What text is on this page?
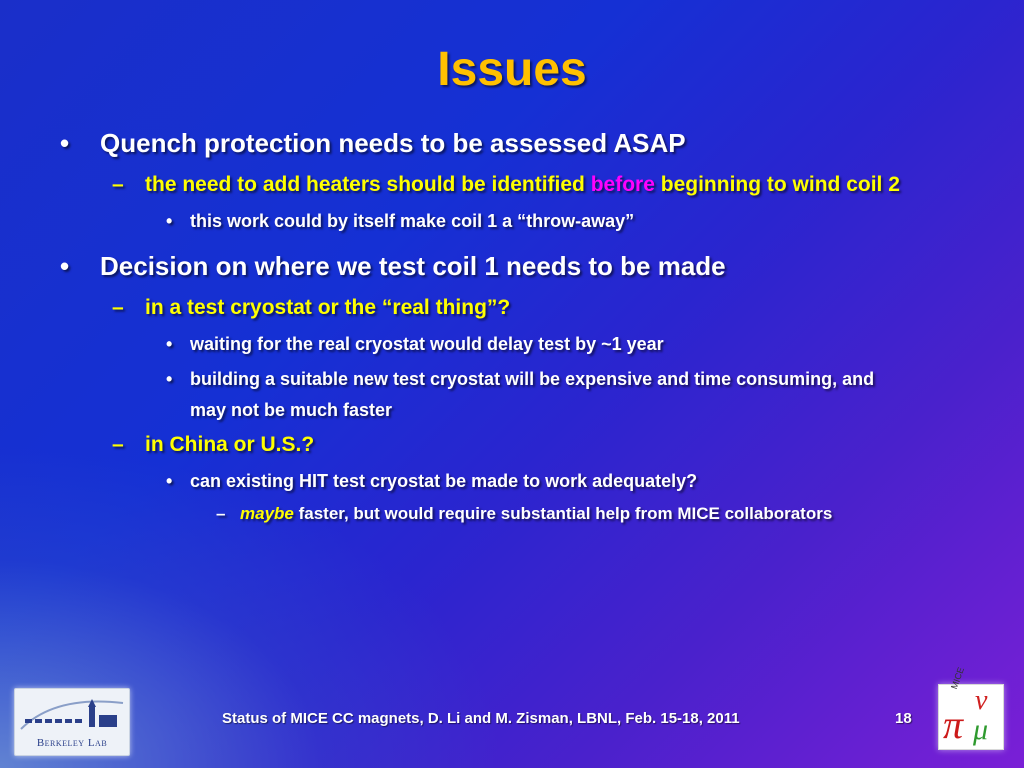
Issues
• Quench protection needs to be assessed ASAP
– the need to add heaters should be identified before beginning to wind coil 2
• this work could by itself make coil 1 a “throw-away”
• Decision on where we test coil 1 needs to be made
– in a test cryostat or the “real thing”?
• waiting for the real cryostat would delay test by ~1 year
• building a suitable new test cryostat will be expensive and time consuming, and may not be much faster
– in China or U.S.?
• can existing HIT test cryostat be made to work adequately?
– maybe faster, but would require substantial help from MICE collaborators
Berkeley Lab
Status of MICE CC magnets, D. Li and M. Zisman, LBNL, Feb. 15-18, 2011	18
MICE
π
ν
μ
